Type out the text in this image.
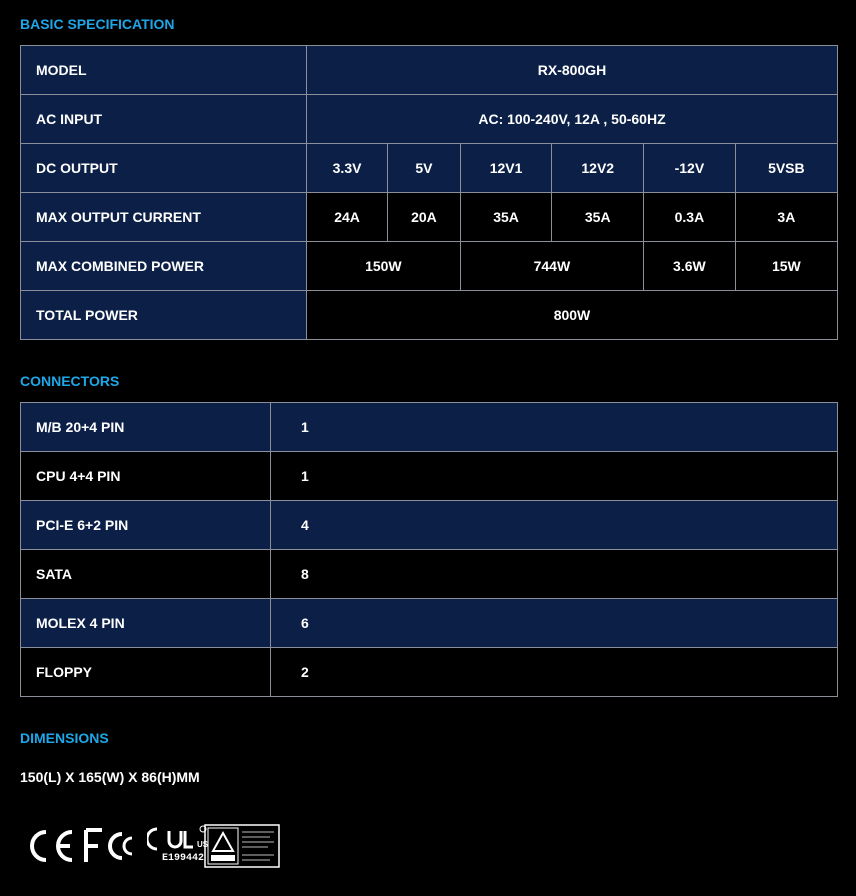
BASIC SPECIFICATION
MODEL	RX-800GH					
AC INPUT	AC: 100-240V, 12A , 50-60HZ					
DC OUTPUT	3.3V	5V	12V1	12V2	-12V	5VSB
MAX OUTPUT CURRENT	24A	20A	35A	35A	0.3A	3A
MAX COMBINED POWER	150W		744W		3.6W	15W
TOTAL POWER	800W					
CONNECTORS
M/B 20+4 PIN	1
CPU 4+4 PIN	1
PCI-E 6+2 PIN	4
SATA	8
MOLEX 4 PIN	6
FLOPPY	2
DIMENSIONS
150(L) X 165(W) X 86(H)MM
US
E199442
